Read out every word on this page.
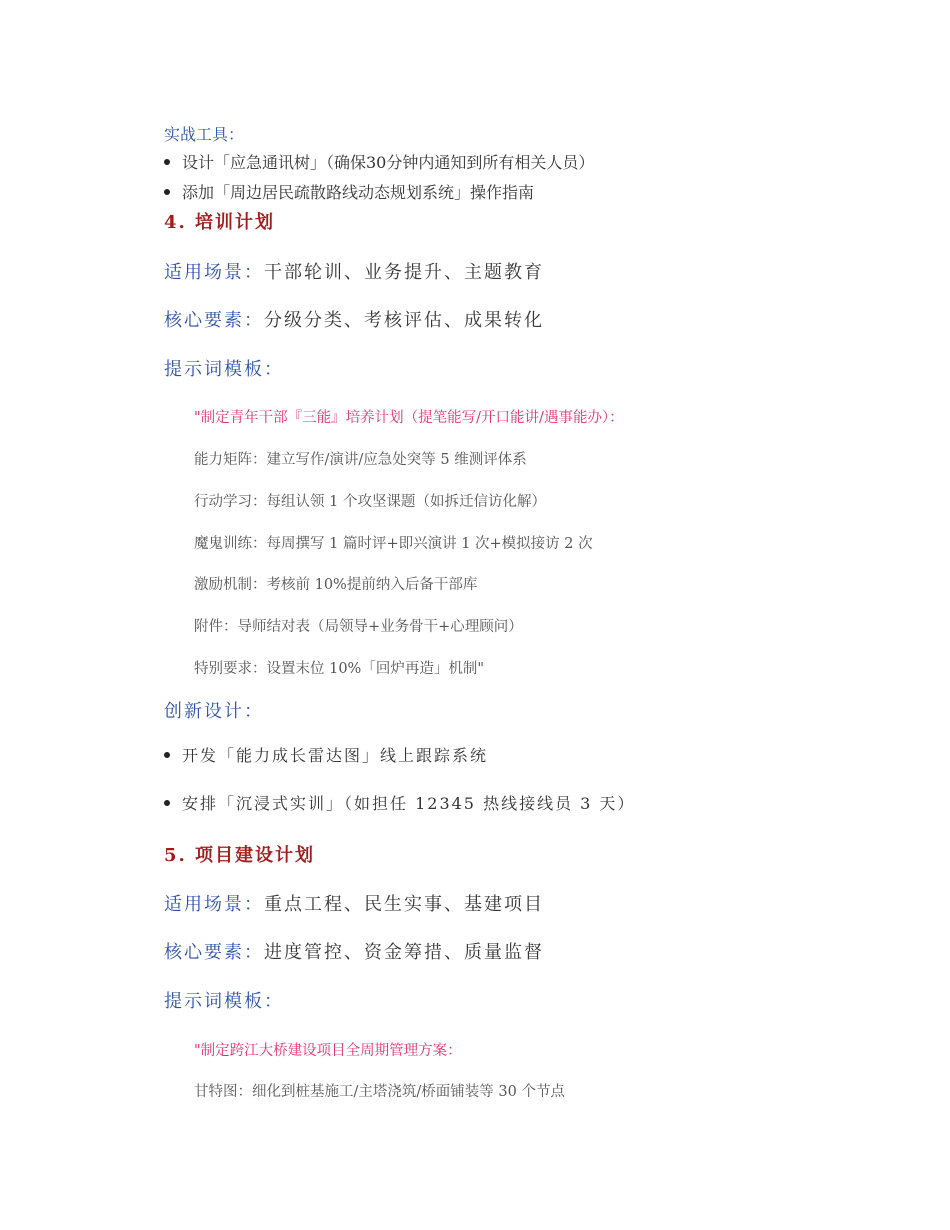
实战工具：
设计「应急通讯树」（确保30分钟内通知到所有相关人员）
添加「周边居民疏散路线动态规划系统」操作指南
4. 培训计划
适用场景：干部轮训、业务提升、主题教育
核心要素：分级分类、考核评估、成果转化
提示词模板：
"制定青年干部『三能』培养计划（提笔能写/开口能讲/遇事能办）：
能力矩阵：建立写作/演讲/应急处突等 5 维测评体系
行动学习：每组认领 1 个攻坚课题（如拆迁信访化解）
魔鬼训练：每周撰写 1 篇时评+即兴演讲 1 次+模拟接访 2 次
激励机制：考核前 10%提前纳入后备干部库
附件：导师结对表（局领导+业务骨干+心理顾问）
特别要求：设置末位 10%「回炉再造」机制"
创新设计：
开发「能力成长雷达图」线上跟踪系统
安排「沉浸式实训」（如担任 12345 热线接线员 3 天）
5. 项目建设计划
适用场景：重点工程、民生实事、基建项目
核心要素：进度管控、资金筹措、质量监督
提示词模板：
"制定跨江大桥建设项目全周期管理方案：
甘特图：细化到桩基施工/主塔浇筑/桥面铺装等 30 个节点
